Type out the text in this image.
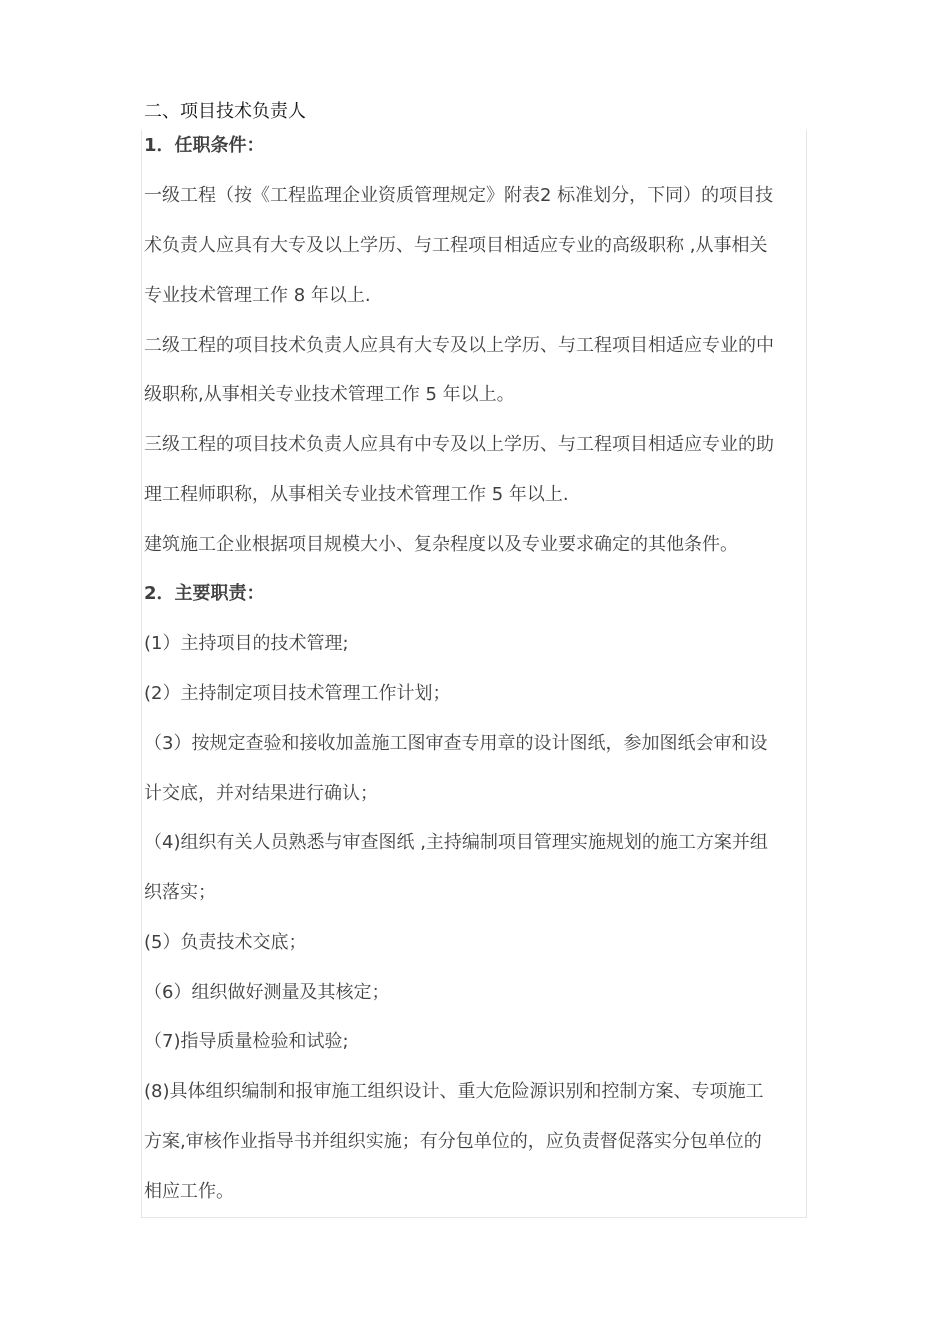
二、项目技术负责人

1．任职条件：

一级工程（按《工程监理企业资质管理规定》附表2 标准划分，下同）的项目技

术负责人应具有大专及以上学历、与工程项目相适应专业的高级职称 ,从事相关

专业技术管理工作 8 年以上.

二级工程的项目技术负责人应具有大专及以上学历、与工程项目相适应专业的中

级职称,从事相关专业技术管理工作 5 年以上。

三级工程的项目技术负责人应具有中专及以上学历、与工程项目相适应专业的助

理工程师职称，从事相关专业技术管理工作 5 年以上.

建筑施工企业根据项目规模大小、复杂程度以及专业要求确定的其他条件。

2．主要职责：

(1）主持项目的技术管理;

(2）主持制定项目技术管理工作计划；

（3）按规定查验和接收加盖施工图审查专用章的设计图纸，参加图纸会审和设

计交底，并对结果进行确认；

（4)组织有关人员熟悉与审查图纸 ,主持编制项目管理实施规划的施工方案并组

织落实；

(5）负责技术交底；

（6）组织做好测量及其核定；

（7)指导质量检验和试验;

(8)具体组织编制和报审施工组织设计、重大危险源识别和控制方案、专项施工

方案,审核作业指导书并组织实施；有分包单位的，应负责督促落实分包单位的

相应工作。
